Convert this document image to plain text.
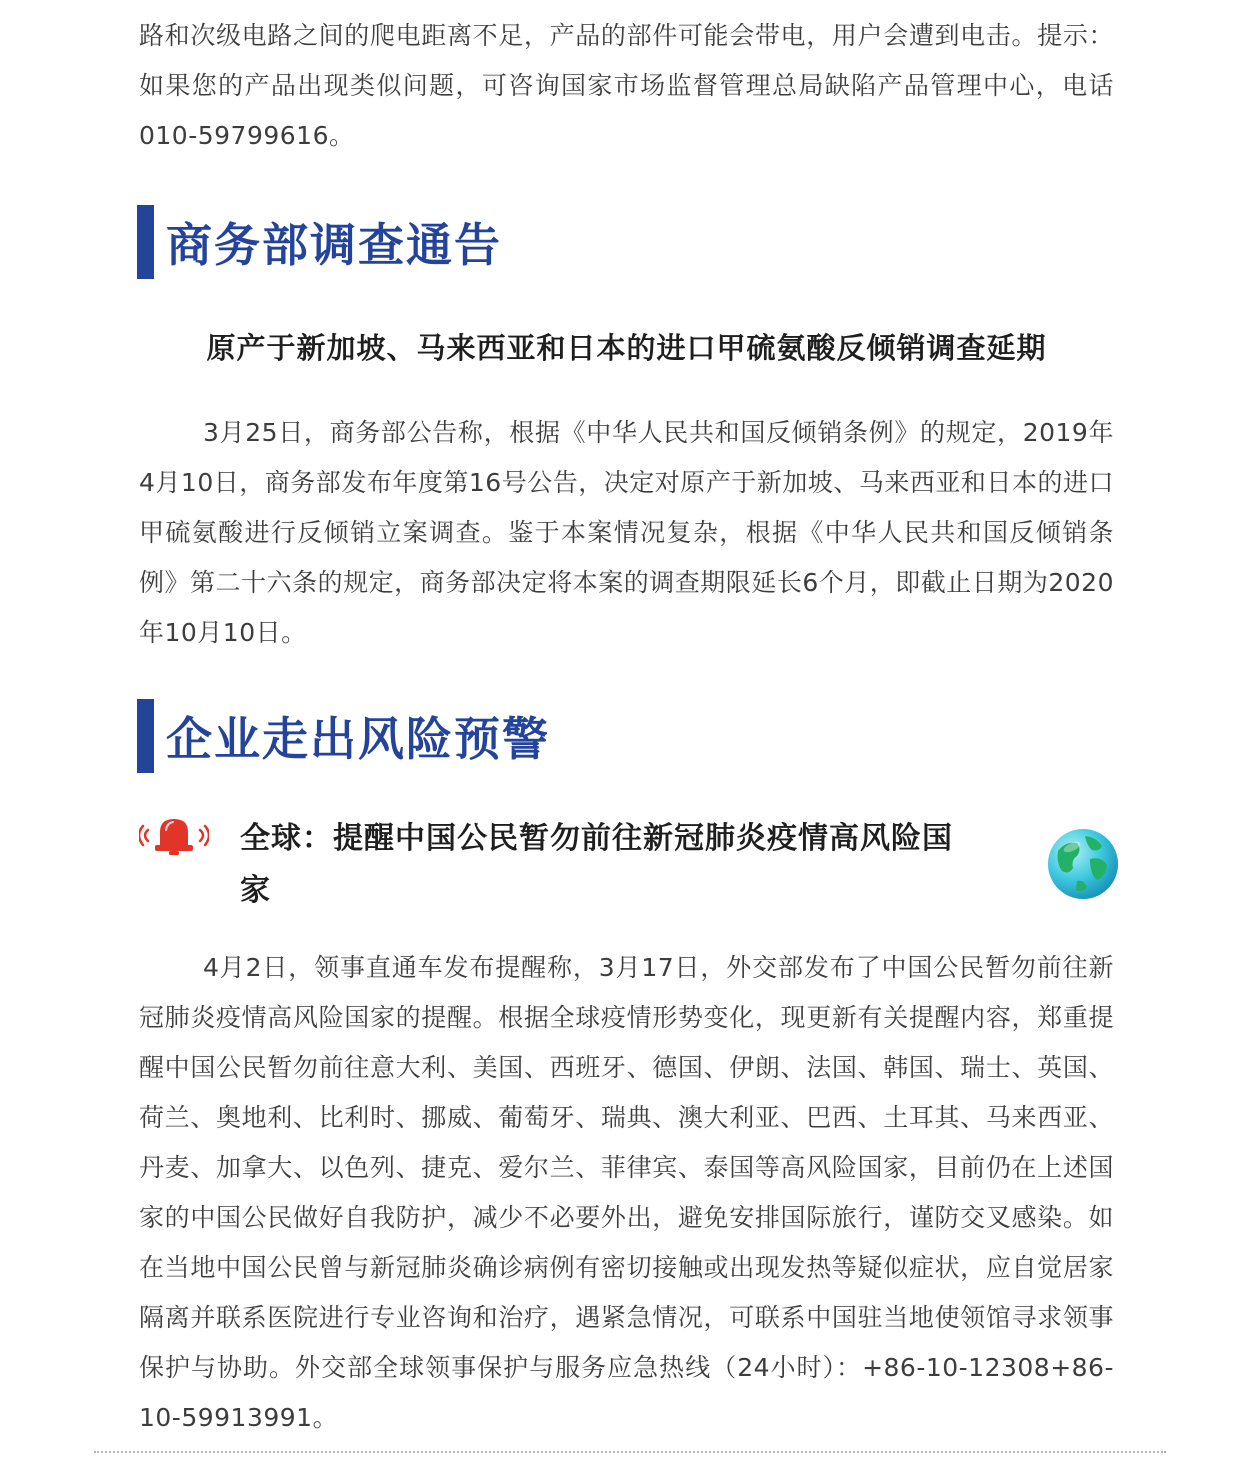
路和次级电路之间的爬电距离不足，产品的部件可能会带电，用户会遭到电击。提示：如果您的产品出现类似问题，可咨询国家市场监督管理总局缺陷产品管理中心，电话010-59799616。

商务部调查通告
原产于新加坡、马来西亚和日本的进口甲硫氨酸反倾销调查延期

3月25日，商务部公告称，根据《中华人民共和国反倾销条例》的规定，2019年4月10日，商务部发布年度第16号公告，决定对原产于新加坡、马来西亚和日本的进口甲硫氨酸进行反倾销立案调查。鉴于本案情况复杂，根据《中华人民共和国反倾销条例》第二十六条的规定，商务部决定将本案的调查期限延长6个月，即截止日期为2020年10月10日。

企业走出风险预警
全球：提醒中国公民暂勿前往新冠肺炎疫情高风险国家

4月2日，领事直通车发布提醒称，3月17日，外交部发布了中国公民暂勿前往新冠肺炎疫情高风险国家的提醒。根据全球疫情形势变化，现更新有关提醒内容，郑重提醒中国公民暂勿前往意大利、美国、西班牙、德国、伊朗、法国、韩国、瑞士、英国、荷兰、奥地利、比利时、挪威、葡萄牙、瑞典、澳大利亚、巴西、土耳其、马来西亚、丹麦、加拿大、以色列、捷克、爱尔兰、菲律宾、泰国等高风险国家，目前仍在上述国家的中国公民做好自我防护，减少不必要外出，避免安排国际旅行，谨防交叉感染。如在当地中国公民曾与新冠肺炎确诊病例有密切接触或出现发热等疑似症状，应自觉居家隔离并联系医院进行专业咨询和治疗，遇紧急情况，可联系中国驻当地使领馆寻求领事保护与协助。外交部全球领事保护与服务应急热线（24小时）：+86-10-12308+86-10-59913991。
